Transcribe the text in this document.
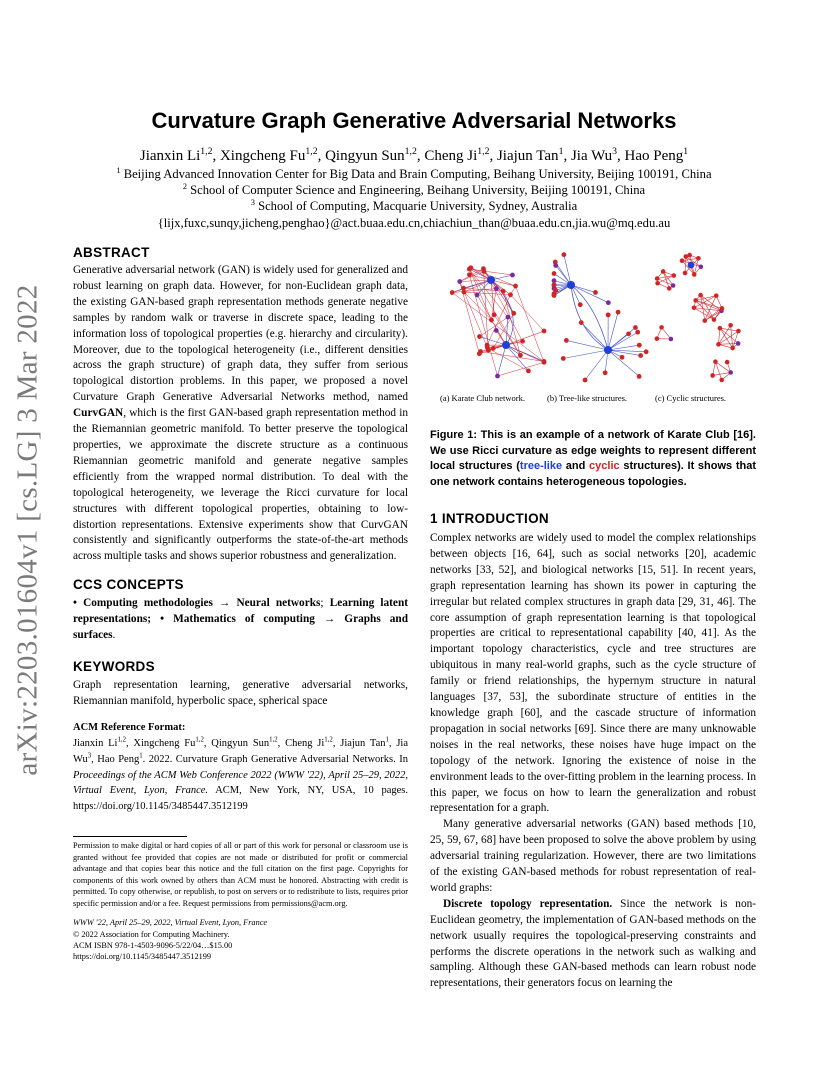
arXiv:2203.01604v1 [cs.LG] 3 Mar 2022
Curvature Graph Generative Adversarial Networks
Jianxin Li$^{1,2}$, Xingcheng Fu$^{1,2}$, Qingyun Sun$^{1,2}$, Cheng Ji$^{1,2}$, Jiajun Tan$^1$, Jia Wu$^3$, Hao Peng$^1$
$^1$ Beijing Advanced Innovation Center for Big Data and Brain Computing, Beihang University, Beijing 100191, China
$^2$ School of Computer Science and Engineering, Beihang University, Beijing 100191, China
$^3$ School of Computing, Macquarie University, Sydney, Australia
{lijx,fuxc,sunqy,jicheng,penghao}@act.buaa.edu.cn,chiachiun_than@buaa.edu.cn,jia.wu@mq.edu.au
ABSTRACT
Generative adversarial network (GAN) is widely used for generalized and robust learning on graph data. However, for non-Euclidean graph data, the existing GAN-based graph representation methods generate negative samples by random walk or traverse in discrete space, leading to the information loss of topological properties (e.g. hierarchy and circularity). Moreover, due to the topological heterogeneity (i.e., different densities across the graph structure) of graph data, they suffer from serious topological distortion problems. In this paper, we proposed a novel Curvature Graph Generative Adversarial Networks method, named CurvGAN, which is the first GAN-based graph representation method in the Riemannian geometric manifold. To better preserve the topological properties, we approximate the discrete structure as a continuous Riemannian geometric manifold and generate negative samples efficiently from the wrapped normal distribution. To deal with the topological heterogeneity, we leverage the Ricci curvature for local structures with different topological properties, obtaining to low-distortion representations. Extensive experiments show that CurvGAN consistently and significantly outperforms the state-of-the-art methods across multiple tasks and shows superior robustness and generalization.
CCS CONCEPTS
• Computing methodologies → Neural networks; Learning latent representations; • Mathematics of computing → Graphs and surfaces.
KEYWORDS
Graph representation learning, generative adversarial networks, Riemannian manifold, hyperbolic space, spherical space
ACM Reference Format:
Jianxin Li$^{1,2}$, Xingcheng Fu$^{1,2}$, Qingyun Sun$^{1,2}$, Cheng Ji$^{1,2}$, Jiajun Tan$^1$, Jia Wu$^3$, Hao Peng$^1$. 2022. Curvature Graph Generative Adversarial Networks. In Proceedings of the ACM Web Conference 2022 (WWW '22), April 25–29, 2022, Virtual Event, Lyon, France. ACM, New York, NY, USA, 10 pages. https://doi.org/10.1145/3485447.3512199
Permission to make digital or hard copies of all or part of this work for personal or classroom use is granted without fee provided that copies are not made or distributed for profit or commercial advantage and that copies bear this notice and the full citation on the first page. Copyrights for components of this work owned by others than ACM must be honored. Abstracting with credit is permitted. To copy otherwise, or republish, to post on servers or to redistribute to lists, requires prior specific permission and/or a fee. Request permissions from permissions@acm.org.
WWW '22, April 25–29, 2022, Virtual Event, Lyon, France
© 2022 Association for Computing Machinery.
ACM ISBN 978-1-4503-9096-5/22/04…$15.00
https://doi.org/10.1145/3485447.3512199
(a) Karate Club network.	(b) Tree-like structures.	(c) Cyclic structures.
Figure 1: This is an example of a network of Karate Club [16]. We use Ricci curvature as edge weights to represent different local structures (tree-like and cyclic structures). It shows that one network contains heterogeneous topologies.
1 INTRODUCTION

Complex networks are widely used to model the complex relationships between objects [16, 64], such as social networks [20], academic networks [33, 52], and biological networks [15, 51]. In recent years, graph representation learning has shown its power in capturing the irregular but related complex structures in graph data [29, 31, 46]. The core assumption of graph representation learning is that topological properties are critical to representational capability [40, 41]. As the important topology characteristics, cycle and tree structures are ubiquitous in many real-world graphs, such as the cycle structure of family or friend relationships, the hypernym structure in natural languages [37, 53], the subordinate structure of entities in the knowledge graph [60], and the cascade structure of information propagation in social networks [69]. Since there are many unknowable noises in the real networks, these noises have huge impact on the topology of the network. Ignoring the existence of noise in the environment leads to the over-fitting problem in the learning process. In this paper, we focus on how to learn the generalization and robust representation for a graph.

Many generative adversarial networks (GAN) based methods [10, 25, 59, 67, 68] have been proposed to solve the above problem by using adversarial training regularization. However, there are two limitations of the existing GAN-based methods for robust representation of real-world graphs:

Discrete topology representation. Since the network is non-Euclidean geometry, the implementation of GAN-based methods on the network usually requires the topological-preserving constraints and performs the discrete operations in the network such as walking and sampling. Although these GAN-based methods can learn robust node representations, their generators focus on learning the
